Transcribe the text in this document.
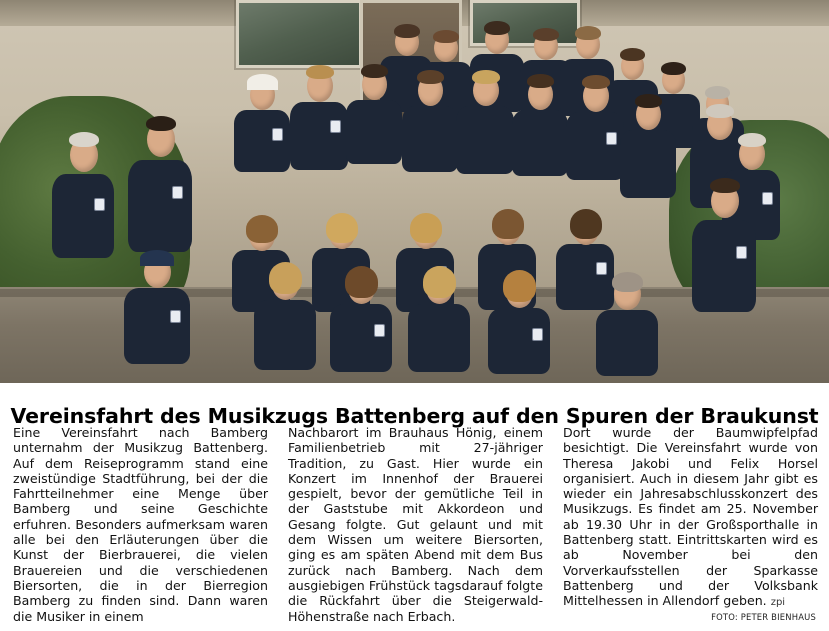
Vereinsfahrt des Musikzugs Battenberg auf den Spuren der Braukunst

Eine Vereinsfahrt nach Bamberg unternahm der Musikzug Battenberg. Auf dem Reiseprogramm stand eine zweistündige Stadtführung, bei der die Fahrtteilnehmer eine Menge über Bamberg und seine Geschichte erfuhren. Besonders aufmerksam waren alle bei den Erläuterungen über die Kunst der Bierbrauerei, die vielen Brauereien und die verschiedenen Biersorten, die in der Bierregion Bamberg zu finden sind. Dann waren die Musiker in einem

Nachbarort im Brauhaus Hönig, einem Familienbetrieb mit 27-jähriger Tradition, zu Gast. Hier wurde ein Konzert im Innenhof der Brauerei gespielt, bevor der gemütliche Teil in der Gaststube mit Akkordeon und Gesang folgte. Gut gelaunt und mit dem Wissen um weitere Biersorten, ging es am späten Abend mit dem Bus zurück nach Bamberg. Nach dem ausgiebigen Frühstück tagsdarauf folgte die Rückfahrt über die Steigerwald-Höhenstraße nach Erbach.

Dort wurde der Baumwipfelpfad besichtigt. Die Vereinsfahrt wurde von Theresa Jakobi und Felix Horsel organisiert. Auch in diesem Jahr gibt es wieder ein Jahresabschlusskonzert des Musikzugs. Es findet am 25. November ab 19.30 Uhr in der Großsporthalle in Battenberg statt. Eintrittskarten wird es ab November bei den Vorverkaufsstellen der Sparkasse Battenberg und der Volksbank Mittelhessen in Allendorf geben. zpi

FOTO: PETER BIENHAUS
